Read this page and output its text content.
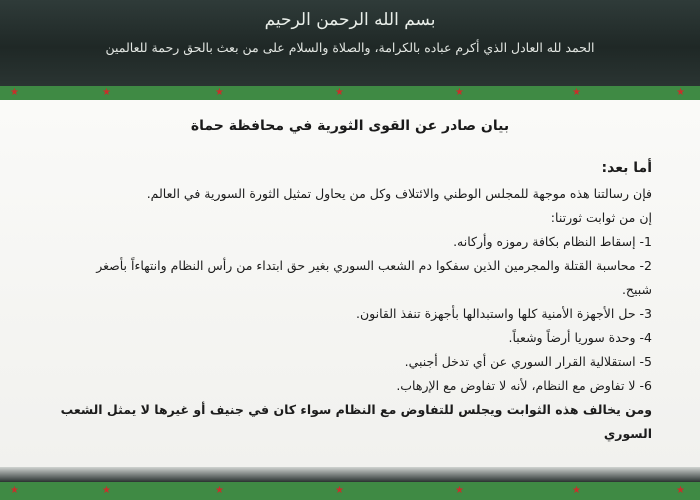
بسم الله الرحمن الرحيم
الحمد لله العادل الذي أكرم عباده بالكرامة، والصلاة والسلام على من بعث بالحق رحمة للعالمين
★	★	★	★	★	★	★
بيان صادر عن القوى الثورية في محافظة حماة

أما بعد:

فإن رسالتنا هذه موجهة للمجلس الوطني والائتلاف وكل من يحاول تمثيل الثورة السورية في العالم.

إن من ثوابت ثورتنا:

1- إسقاط النظام بكافة رموزه وأركانه.

2- محاسبة القتلة والمجرمين الذين سفكوا دم الشعب السوري بغير حق ابتداء من رأس النظام وانتهاءاً بأصغر

شبيح.

3- حل الأجهزة الأمنية كلها واستبدالها بأجهزة تنفذ القانون.

4- وحدة سوريا أرضاً وشعباً.

5- استقلالية القرار السوري عن أي تدخل أجنبي.

6- لا تفاوض مع النظام، لأنه لا تفاوض مع الإرهاب.

ومن يخالف هذه الثوابت ويجلس للتفاوض مع النظام سواء كان في جنيف أو غيرها لا يمثل الشعب السوري

★	★	★	★	★	★	★
